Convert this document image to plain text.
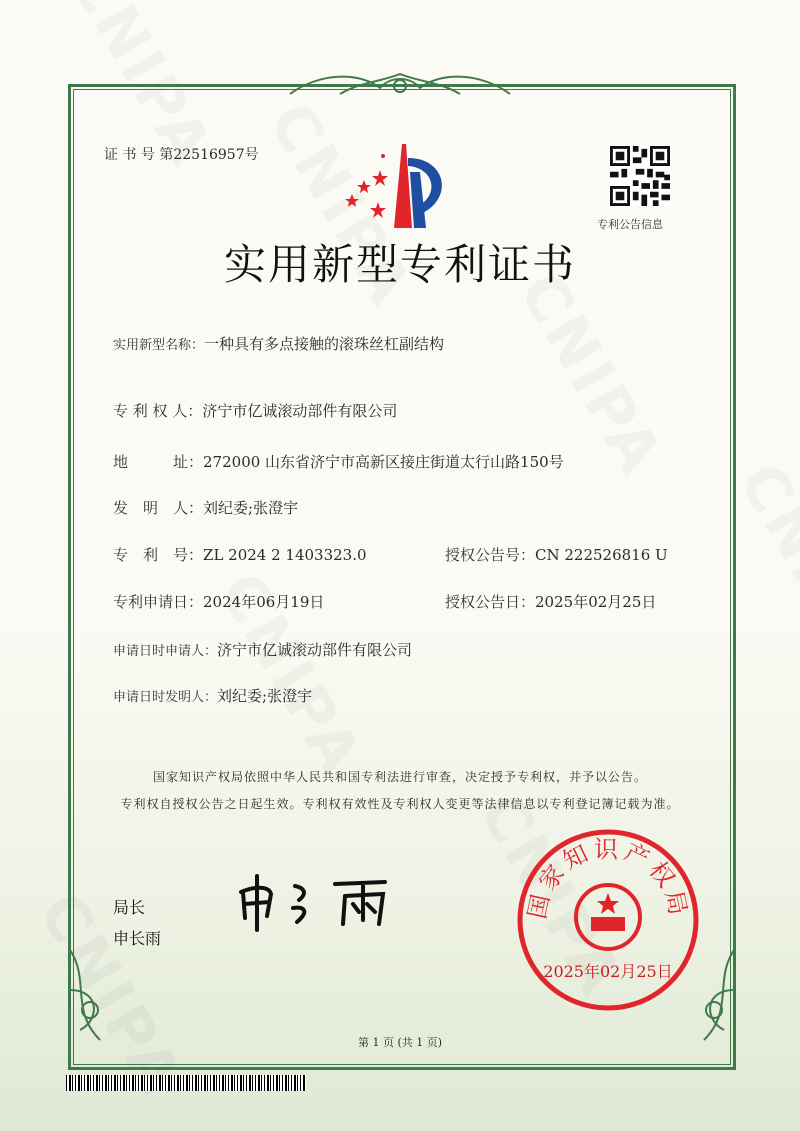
证 书 号 第22516957号
专利公告信息
实用新型专利证书
实用新型名称：一种具有多点接触的滚珠丝杠副结构
专 利 权 人：济宁市亿诚滚动部件有限公司
地　　　址：272000 山东省济宁市高新区接庄街道太行山路150号
发　明　人：刘纪委;张澄宇
专　利　号：ZL 2024 2 1403323.0	授权公告号：CN 222526816 U
专利申请日：2024年06月19日	授权公告日：2025年02月25日
申请日时申请人：济宁市亿诚滚动部件有限公司
申请日时发明人：刘纪委;张澄宇
国家知识产权局依照中华人民共和国专利法进行审查，决定授予专利权，并予以公告。
专利权自授权公告之日起生效。专利权有效性及专利权人变更等法律信息以专利登记簿记载为准。
局长
申长雨
国家知识产权局
2025年02月25日
第 1 页 (共 1 页)
